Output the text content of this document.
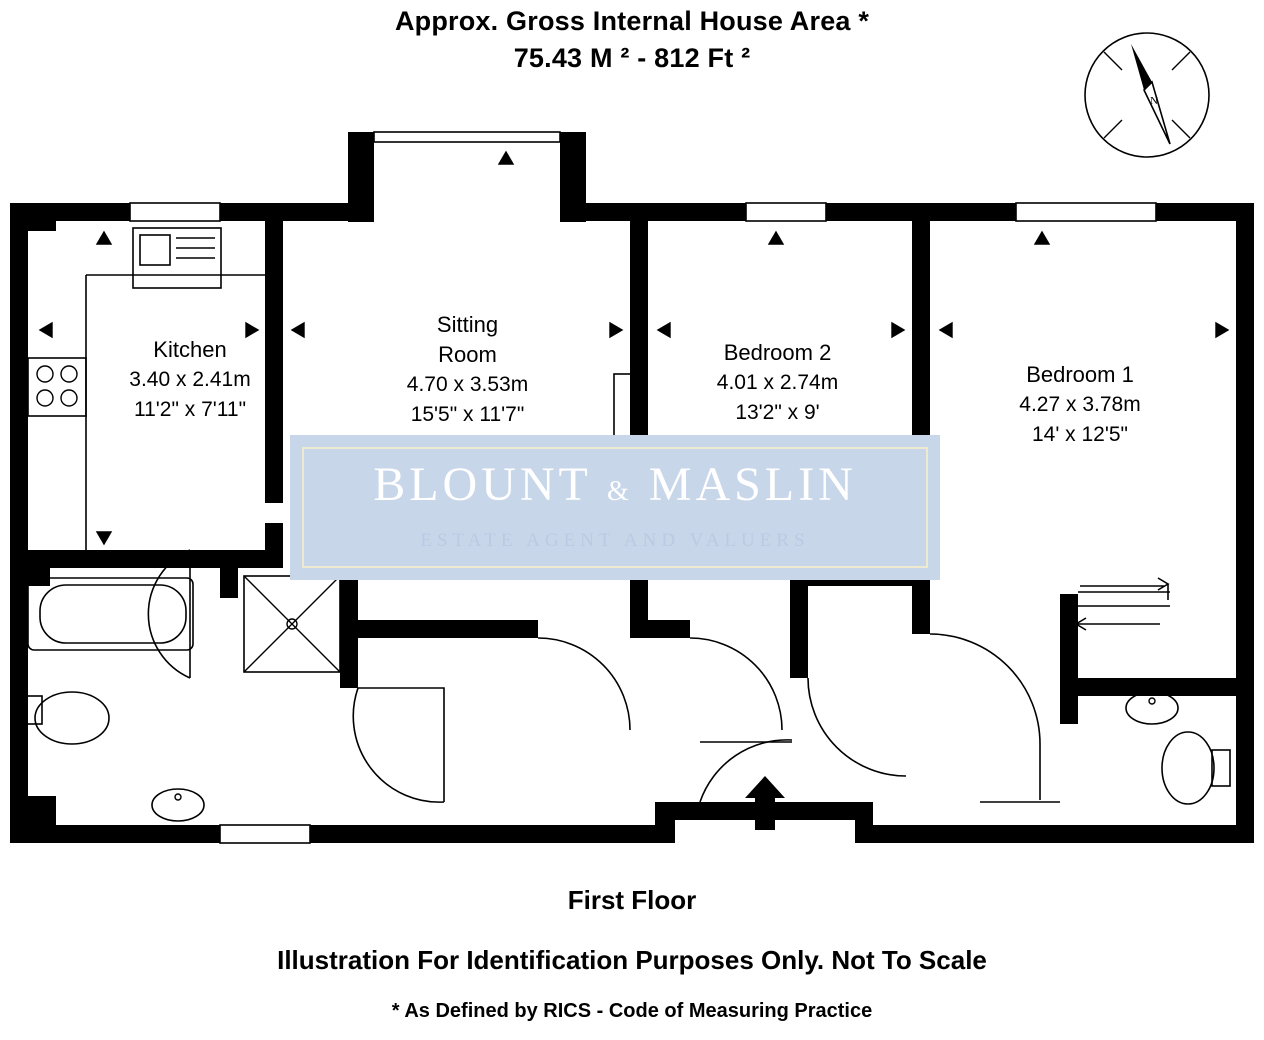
Approx. Gross Internal House Area *
75.43 M ² - 812 Ft ²
N
Kitchen
3.40 x 2.41m
11'2" x 7'11"
Sitting
Room
4.70 x 3.53m
15'5" x 11'7"
Bedroom 2
4.01 x 2.74m
13'2" x 9'
Bedroom 1
4.27 x 3.78m
14' x 12'5"
BLOUNT & MASLIN
ESTATE AGENT AND VALUERS
First Floor
Illustration For Identification Purposes Only. Not To Scale
* As Defined by RICS - Code of Measuring Practice
